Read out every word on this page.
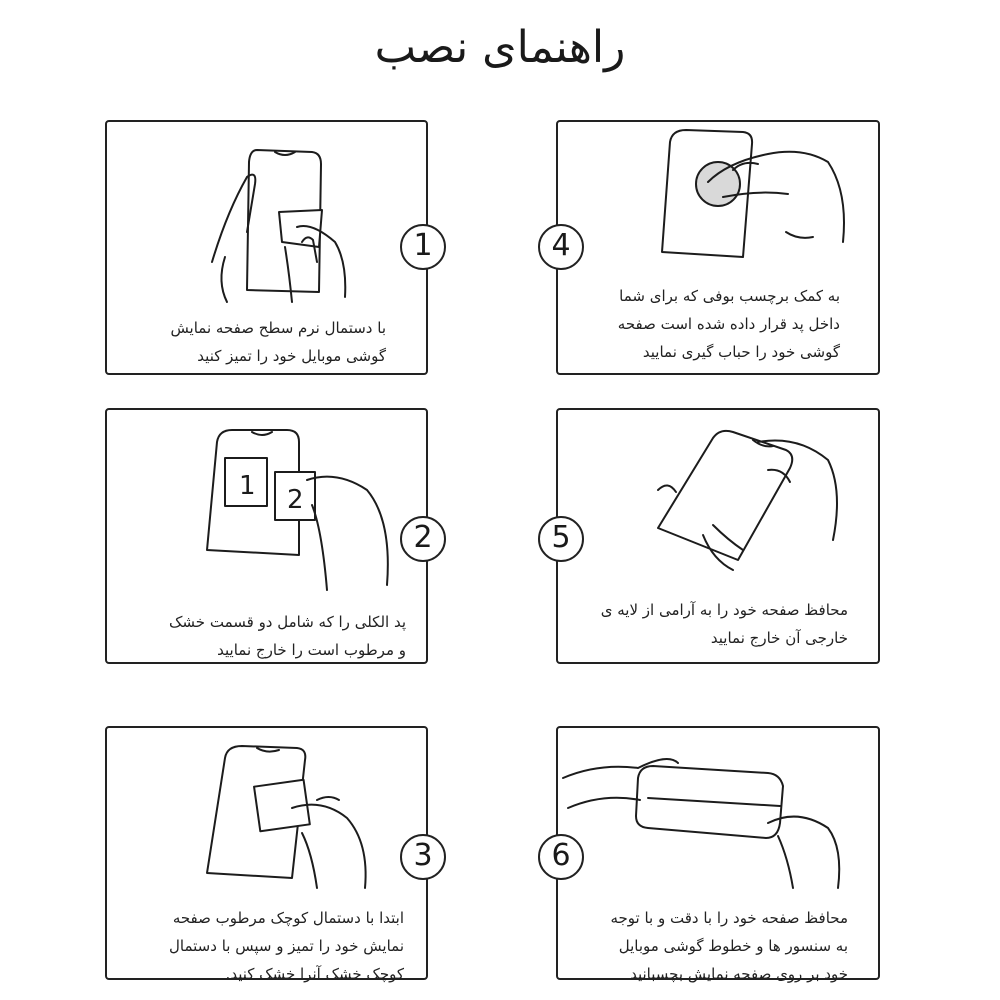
راهنمای نصب
با دستمال نرم سطح صفحه نمایش
گوشی موبایل خود را تمیز کنید
1
به کمک برچسب بوفی که برای شما
داخل پد قرار داده شده است صفحه
گوشی خود را حباب گیری نمایید
4
1 2
پد الکلی را که شامل دو قسمت خشک
و مرطوب است را خارج نمایید
2
محافظ صفحه خود را به آرامی از لایه ی
خارجی آن خارج نمایید
5
ابتدا با دستمال کوچک مرطوب صفحه
نمایش خود را تمیز و سپس با دستمال
کوچک خشک آنرا خشک کنید.
3
محافظ صفحه خود را با دقت و با توجه
به سنسور ها و خطوط گوشی موبایل
خود بر روی صفحه نمایش بچسبانید
6
